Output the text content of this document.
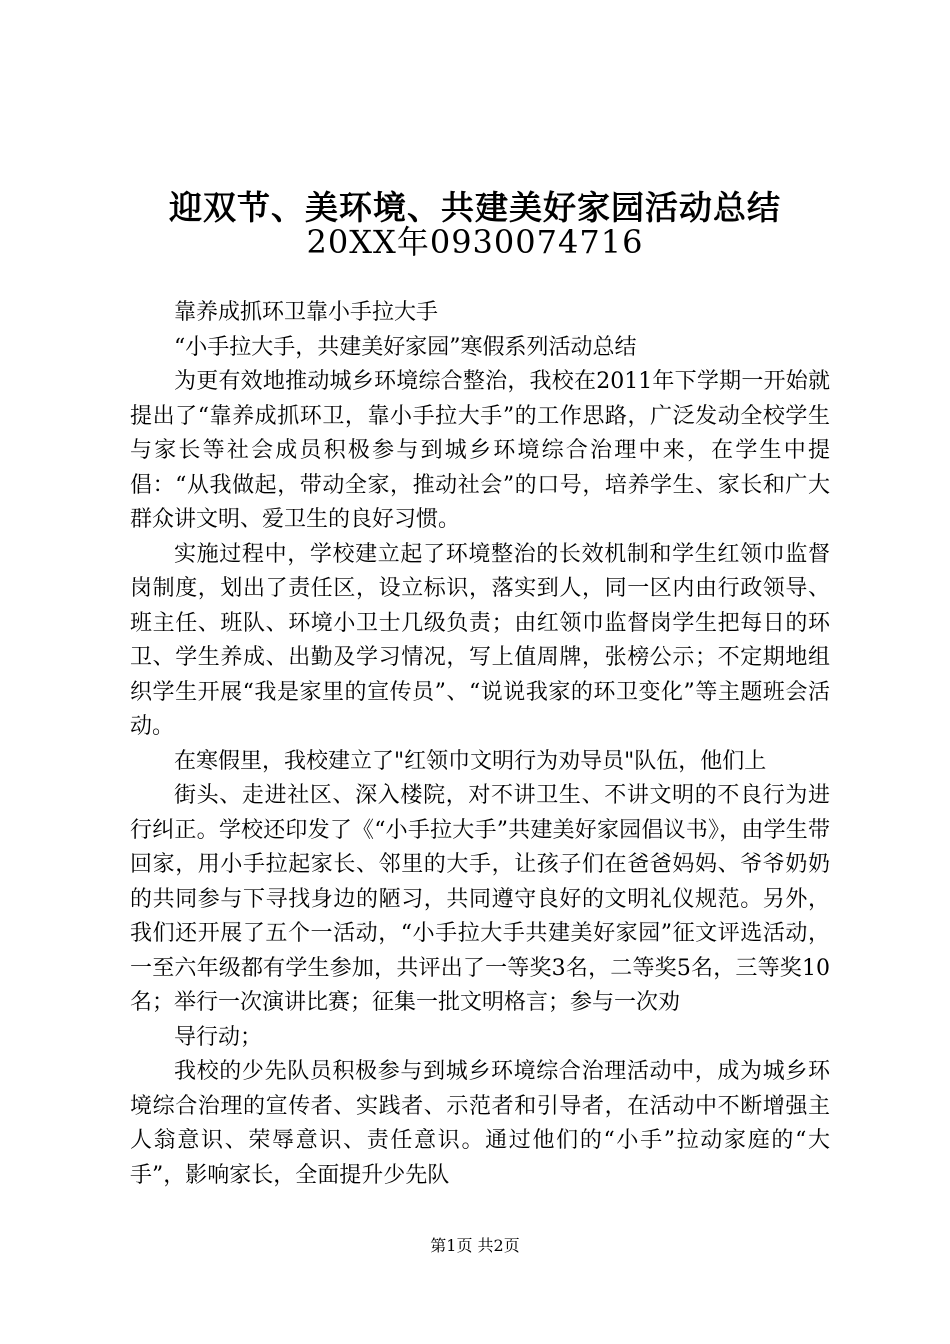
迎双节、美环境、共建美好家园活动总结
20XX年0930074716

靠养成抓环卫靠小手拉大手

“小手拉大手，共建美好家园”寒假系列活动总结

为更有效地推动城乡环境综合整治，我校在2011年下学期一开始就提出了“靠养成抓环卫，靠小手拉大手”的工作思路，广泛发动全校学生与家长等社会成员积极参与到城乡环境综合治理中来，在学生中提倡：“从我做起，带动全家，推动社会”的口号，培养学生、家长和广大群众讲文明、爱卫生的良好习惯。

实施过程中，学校建立起了环境整治的长效机制和学生红领巾监督岗制度，划出了责任区，设立标识，落实到人，同一区内由行政领导、班主任、班队、环境小卫士几级负责；由红领巾监督岗学生把每日的环卫、学生养成、出勤及学习情况，写上值周牌，张榜公示；不定期地组织学生开展“我是家里的宣传员”、“说说我家的环卫变化”等主题班会活动。

在寒假里，我校建立了"红领巾文明行为劝导员"队伍，他们上

街头、走进社区、深入楼院，对不讲卫生、不讲文明的不良行为进行纠正。学校还印发了《“小手拉大手”共建美好家园倡议书》，由学生带回家，用小手拉起家长、邻里的大手，让孩子们在爸爸妈妈、爷爷奶奶的共同参与下寻找身边的陋习，共同遵守良好的文明礼仪规范。另外，我们还开展了五个一活动，“小手拉大手共建美好家园”征文评选活动，一至六年级都有学生参加，共评出了一等奖3名，二等奖5名，三等奖10名；举行一次演讲比赛；征集一批文明格言；参与一次劝

导行动；

我校的少先队员积极参与到城乡环境综合治理活动中，成为城乡环境综合治理的宣传者、实践者、示范者和引导者，在活动中不断增强主人翁意识、荣辱意识、责任意识。通过他们的“小手”拉动家庭的“大手”，影响家长，全面提升少先队

第1页 共2页
